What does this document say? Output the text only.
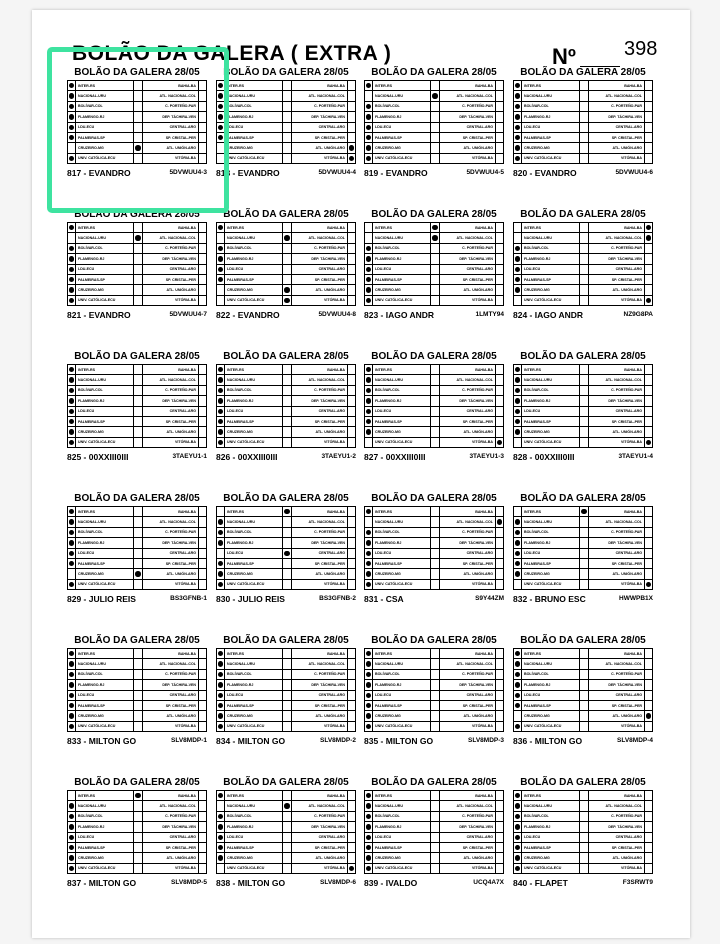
BOLÃO DA GALERA ( EXTRA )	Nº 398
BOLÃO DA GALERA 28/05
INTER-RS	BAHIA-BA
NACIONAL-URU	ATL. NACIONAL-COL
BOLÍVAR-COL	C. PORTEÑO-PAR
FLAMENGO-RJ	DEP. TÁCHIRA-VEN
LDU-ECU	CENTRAL-ARG
PALMEIRAS-SP	SP. CRISTAL-PER
CRUZEIRO-MG	ATL. UNIÓN-ARG
UNIV. CATÓLICA-ECU	VITÓRIA-BA
817 - EVANDRO	5DVWUU4-3
BOLÃO DA GALERA 28/05
INTER-RS	BAHIA-BA
NACIONAL-URU	ATL. NACIONAL-COL
BOLÍVAR-COL	C. PORTEÑO-PAR
FLAMENGO-RJ	DEP. TÁCHIRA-VEN
LDU-ECU	CENTRAL-ARG
PALMEIRAS-SP	SP. CRISTAL-PER
CRUZEIRO-MG	ATL. UNIÓN-ARG
UNIV. CATÓLICA-ECU	VITÓRIA-BA
818 - EVANDRO	5DVWUU4-4
BOLÃO DA GALERA 28/05
INTER-RS	BAHIA-BA
NACIONAL-URU	ATL. NACIONAL-COL
BOLÍVAR-COL	C. PORTEÑO-PAR
FLAMENGO-RJ	DEP. TÁCHIRA-VEN
LDU-ECU	CENTRAL-ARG
PALMEIRAS-SP	SP. CRISTAL-PER
CRUZEIRO-MG	ATL. UNIÓN-ARG
UNIV. CATÓLICA-ECU	VITÓRIA-BA
819 - EVANDRO	5DVWUU4-5
BOLÃO DA GALERA 28/05
INTER-RS	BAHIA-BA
NACIONAL-URU	ATL. NACIONAL-COL
BOLÍVAR-COL	C. PORTEÑO-PAR
FLAMENGO-RJ	DEP. TÁCHIRA-VEN
LDU-ECU	CENTRAL-ARG
PALMEIRAS-SP	SP. CRISTAL-PER
CRUZEIRO-MG	ATL. UNIÓN-ARG
UNIV. CATÓLICA-ECU	VITÓRIA-BA
820 - EVANDRO	5DVWUU4-6
BOLÃO DA GALERA 28/05
INTER-RS	BAHIA-BA
NACIONAL-URU	ATL. NACIONAL-COL
BOLÍVAR-COL	C. PORTEÑO-PAR
FLAMENGO-RJ	DEP. TÁCHIRA-VEN
LDU-ECU	CENTRAL-ARG
PALMEIRAS-SP	SP. CRISTAL-PER
CRUZEIRO-MG	ATL. UNIÓN-ARG
UNIV. CATÓLICA-ECU	VITÓRIA-BA
821 - EVANDRO	5DVWUU4-7
BOLÃO DA GALERA 28/05
INTER-RS	BAHIA-BA
NACIONAL-URU	ATL. NACIONAL-COL
BOLÍVAR-COL	C. PORTEÑO-PAR
FLAMENGO-RJ	DEP. TÁCHIRA-VEN
LDU-ECU	CENTRAL-ARG
PALMEIRAS-SP	SP. CRISTAL-PER
CRUZEIRO-MG	ATL. UNIÓN-ARG
UNIV. CATÓLICA-ECU	VITÓRIA-BA
822 - EVANDRO	5DVWUU4-8
BOLÃO DA GALERA 28/05
INTER-RS	BAHIA-BA
NACIONAL-URU	ATL. NACIONAL-COL
BOLÍVAR-COL	C. PORTEÑO-PAR
FLAMENGO-RJ	DEP. TÁCHIRA-VEN
LDU-ECU	CENTRAL-ARG
PALMEIRAS-SP	SP. CRISTAL-PER
CRUZEIRO-MG	ATL. UNIÓN-ARG
UNIV. CATÓLICA-ECU	VITÓRIA-BA
823 - IAGO ANDR	1LMTY94
BOLÃO DA GALERA 28/05
INTER-RS	BAHIA-BA
NACIONAL-URU	ATL. NACIONAL-COL
BOLÍVAR-COL	C. PORTEÑO-PAR
FLAMENGO-RJ	DEP. TÁCHIRA-VEN
LDU-ECU	CENTRAL-ARG
PALMEIRAS-SP	SP. CRISTAL-PER
CRUZEIRO-MG	ATL. UNIÓN-ARG
UNIV. CATÓLICA-ECU	VITÓRIA-BA
824 - IAGO ANDR	NZ9G8PA
BOLÃO DA GALERA 28/05
INTER-RS	BAHIA-BA
NACIONAL-URU	ATL. NACIONAL-COL
BOLÍVAR-COL	C. PORTEÑO-PAR
FLAMENGO-RJ	DEP. TÁCHIRA-VEN
LDU-ECU	CENTRAL-ARG
PALMEIRAS-SP	SP. CRISTAL-PER
CRUZEIRO-MG	ATL. UNIÓN-ARG
UNIV. CATÓLICA-ECU	VITÓRIA-BA
825 - 00XXIII0III	3TAEYU1-1
BOLÃO DA GALERA 28/05
INTER-RS	BAHIA-BA
NACIONAL-URU	ATL. NACIONAL-COL
BOLÍVAR-COL	C. PORTEÑO-PAR
FLAMENGO-RJ	DEP. TÁCHIRA-VEN
LDU-ECU	CENTRAL-ARG
PALMEIRAS-SP	SP. CRISTAL-PER
CRUZEIRO-MG	ATL. UNIÓN-ARG
UNIV. CATÓLICA-ECU	VITÓRIA-BA
826 - 00XXIII0III	3TAEYU1-2
BOLÃO DA GALERA 28/05
INTER-RS	BAHIA-BA
NACIONAL-URU	ATL. NACIONAL-COL
BOLÍVAR-COL	C. PORTEÑO-PAR
FLAMENGO-RJ	DEP. TÁCHIRA-VEN
LDU-ECU	CENTRAL-ARG
PALMEIRAS-SP	SP. CRISTAL-PER
CRUZEIRO-MG	ATL. UNIÓN-ARG
UNIV. CATÓLICA-ECU	VITÓRIA-BA
827 - 00XXIII0III	3TAEYU1-3
BOLÃO DA GALERA 28/05
INTER-RS	BAHIA-BA
NACIONAL-URU	ATL. NACIONAL-COL
BOLÍVAR-COL	C. PORTEÑO-PAR
FLAMENGO-RJ	DEP. TÁCHIRA-VEN
LDU-ECU	CENTRAL-ARG
PALMEIRAS-SP	SP. CRISTAL-PER
CRUZEIRO-MG	ATL. UNIÓN-ARG
UNIV. CATÓLICA-ECU	VITÓRIA-BA
828 - 00XXIII0III	3TAEYU1-4
BOLÃO DA GALERA 28/05
INTER-RS	BAHIA-BA
NACIONAL-URU	ATL. NACIONAL-COL
BOLÍVAR-COL	C. PORTEÑO-PAR
FLAMENGO-RJ	DEP. TÁCHIRA-VEN
LDU-ECU	CENTRAL-ARG
PALMEIRAS-SP	SP. CRISTAL-PER
CRUZEIRO-MG	ATL. UNIÓN-ARG
UNIV. CATÓLICA-ECU	VITÓRIA-BA
829 - JULIO REIS	BS3GFNB-1
BOLÃO DA GALERA 28/05
INTER-RS	BAHIA-BA
NACIONAL-URU	ATL. NACIONAL-COL
BOLÍVAR-COL	C. PORTEÑO-PAR
FLAMENGO-RJ	DEP. TÁCHIRA-VEN
LDU-ECU	CENTRAL-ARG
PALMEIRAS-SP	SP. CRISTAL-PER
CRUZEIRO-MG	ATL. UNIÓN-ARG
UNIV. CATÓLICA-ECU	VITÓRIA-BA
830 - JULIO REIS	BS3GFNB-2
BOLÃO DA GALERA 28/05
INTER-RS	BAHIA-BA
NACIONAL-URU	ATL. NACIONAL-COL
BOLÍVAR-COL	C. PORTEÑO-PAR
FLAMENGO-RJ	DEP. TÁCHIRA-VEN
LDU-ECU	CENTRAL-ARG
PALMEIRAS-SP	SP. CRISTAL-PER
CRUZEIRO-MG	ATL. UNIÓN-ARG
UNIV. CATÓLICA-ECU	VITÓRIA-BA
831 - CSA	S9Y44ZM
BOLÃO DA GALERA 28/05
INTER-RS	BAHIA-BA
NACIONAL-URU	ATL. NACIONAL-COL
BOLÍVAR-COL	C. PORTEÑO-PAR
FLAMENGO-RJ	DEP. TÁCHIRA-VEN
LDU-ECU	CENTRAL-ARG
PALMEIRAS-SP	SP. CRISTAL-PER
CRUZEIRO-MG	ATL. UNIÓN-ARG
UNIV. CATÓLICA-ECU	VITÓRIA-BA
832 - BRUNO ESC	HWWPB1X
BOLÃO DA GALERA 28/05
INTER-RS	BAHIA-BA
NACIONAL-URU	ATL. NACIONAL-COL
BOLÍVAR-COL	C. PORTEÑO-PAR
FLAMENGO-RJ	DEP. TÁCHIRA-VEN
LDU-ECU	CENTRAL-ARG
PALMEIRAS-SP	SP. CRISTAL-PER
CRUZEIRO-MG	ATL. UNIÓN-ARG
UNIV. CATÓLICA-ECU	VITÓRIA-BA
833 - MILTON GO	SLV8MDP-1
BOLÃO DA GALERA 28/05
INTER-RS	BAHIA-BA
NACIONAL-URU	ATL. NACIONAL-COL
BOLÍVAR-COL	C. PORTEÑO-PAR
FLAMENGO-RJ	DEP. TÁCHIRA-VEN
LDU-ECU	CENTRAL-ARG
PALMEIRAS-SP	SP. CRISTAL-PER
CRUZEIRO-MG	ATL. UNIÓN-ARG
UNIV. CATÓLICA-ECU	VITÓRIA-BA
834 - MILTON GO	SLV8MDP-2
BOLÃO DA GALERA 28/05
INTER-RS	BAHIA-BA
NACIONAL-URU	ATL. NACIONAL-COL
BOLÍVAR-COL	C. PORTEÑO-PAR
FLAMENGO-RJ	DEP. TÁCHIRA-VEN
LDU-ECU	CENTRAL-ARG
PALMEIRAS-SP	SP. CRISTAL-PER
CRUZEIRO-MG	ATL. UNIÓN-ARG
UNIV. CATÓLICA-ECU	VITÓRIA-BA
835 - MILTON GO	SLV8MDP-3
BOLÃO DA GALERA 28/05
INTER-RS	BAHIA-BA
NACIONAL-URU	ATL. NACIONAL-COL
BOLÍVAR-COL	C. PORTEÑO-PAR
FLAMENGO-RJ	DEP. TÁCHIRA-VEN
LDU-ECU	CENTRAL-ARG
PALMEIRAS-SP	SP. CRISTAL-PER
CRUZEIRO-MG	ATL. UNIÓN-ARG
UNIV. CATÓLICA-ECU	VITÓRIA-BA
836 - MILTON GO	SLV8MDP-4
BOLÃO DA GALERA 28/05
INTER-RS	BAHIA-BA
NACIONAL-URU	ATL. NACIONAL-COL
BOLÍVAR-COL	C. PORTEÑO-PAR
FLAMENGO-RJ	DEP. TÁCHIRA-VEN
LDU-ECU	CENTRAL-ARG
PALMEIRAS-SP	SP. CRISTAL-PER
CRUZEIRO-MG	ATL. UNIÓN-ARG
UNIV. CATÓLICA-ECU	VITÓRIA-BA
837 - MILTON GO	SLV8MDP-5
BOLÃO DA GALERA 28/05
INTER-RS	BAHIA-BA
NACIONAL-URU	ATL. NACIONAL-COL
BOLÍVAR-COL	C. PORTEÑO-PAR
FLAMENGO-RJ	DEP. TÁCHIRA-VEN
LDU-ECU	CENTRAL-ARG
PALMEIRAS-SP	SP. CRISTAL-PER
CRUZEIRO-MG	ATL. UNIÓN-ARG
UNIV. CATÓLICA-ECU	VITÓRIA-BA
838 - MILTON GO	SLV8MDP-6
BOLÃO DA GALERA 28/05
INTER-RS	BAHIA-BA
NACIONAL-URU	ATL. NACIONAL-COL
BOLÍVAR-COL	C. PORTEÑO-PAR
FLAMENGO-RJ	DEP. TÁCHIRA-VEN
LDU-ECU	CENTRAL-ARG
PALMEIRAS-SP	SP. CRISTAL-PER
CRUZEIRO-MG	ATL. UNIÓN-ARG
UNIV. CATÓLICA-ECU	VITÓRIA-BA
839 - IVALDO	UCQ4A7X
BOLÃO DA GALERA 28/05
INTER-RS	BAHIA-BA
NACIONAL-URU	ATL. NACIONAL-COL
BOLÍVAR-COL	C. PORTEÑO-PAR
FLAMENGO-RJ	DEP. TÁCHIRA-VEN
LDU-ECU	CENTRAL-ARG
PALMEIRAS-SP	SP. CRISTAL-PER
CRUZEIRO-MG	ATL. UNIÓN-ARG
UNIV. CATÓLICA-ECU	VITÓRIA-BA
840 - FLAPET	F3SRWT9
